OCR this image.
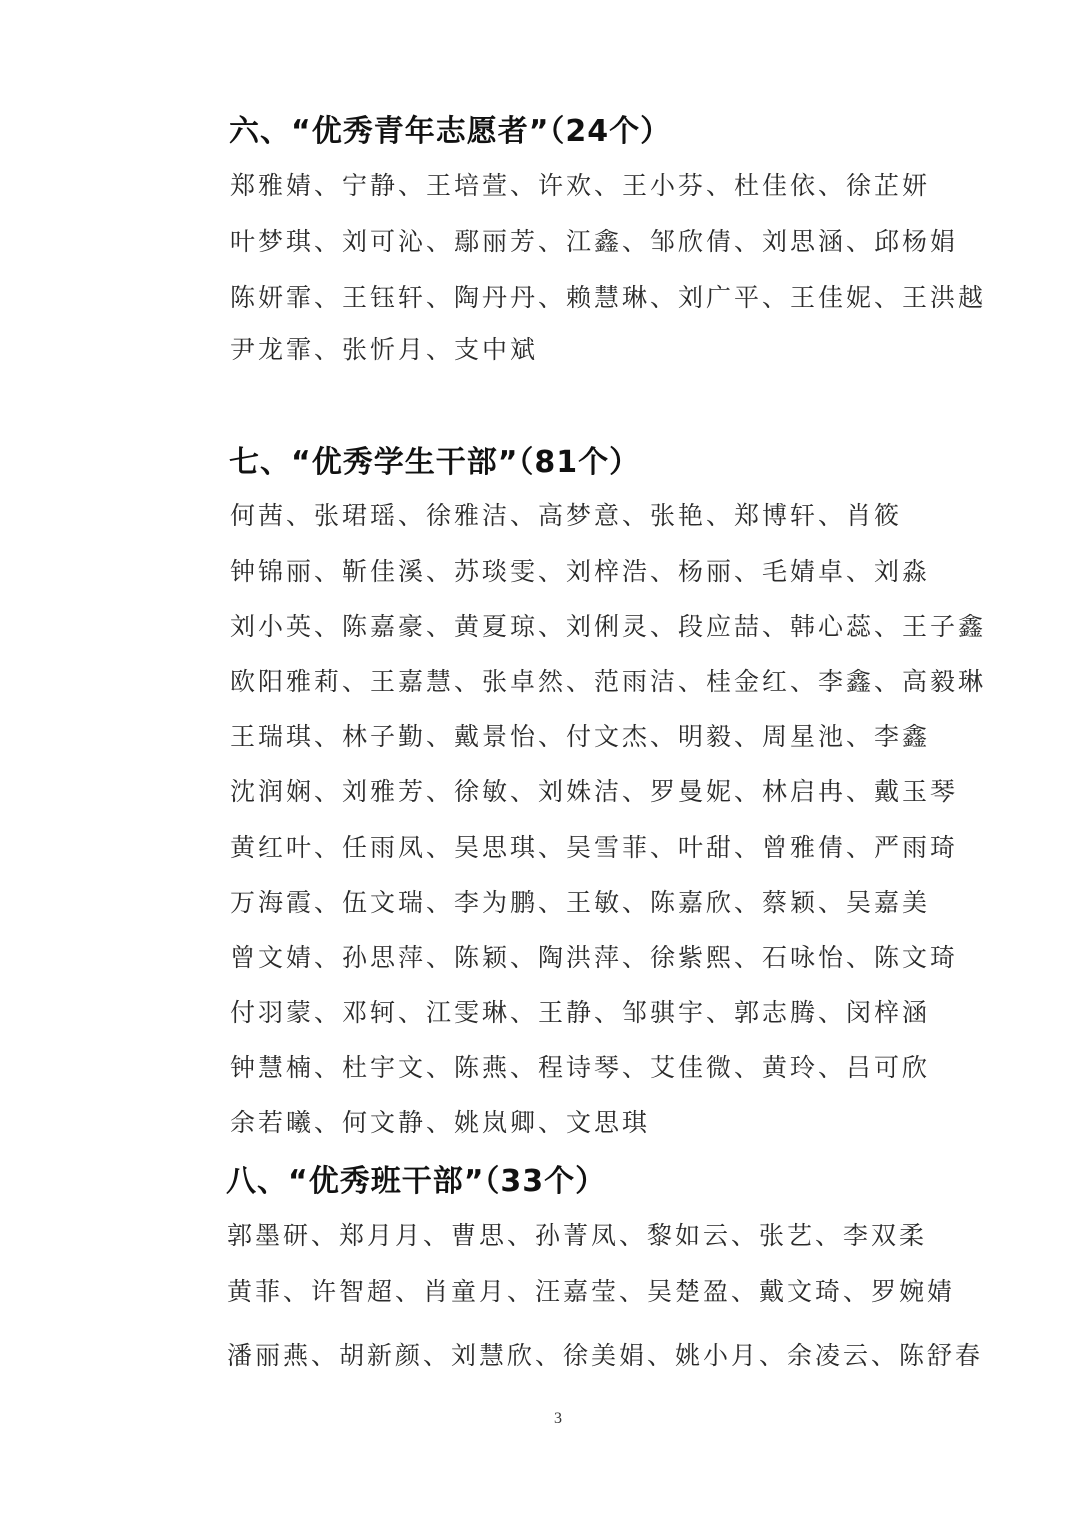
六、“优秀青年志愿者”（24个）
郑雅婧、宁静、王培萱、许欢、王小芬、杜佳依、徐芷妍
叶梦琪、刘可沁、鄢丽芳、江鑫、邹欣倩、刘思涵、邱杨娟
陈妍霏、王钰轩、陶丹丹、赖慧琳、刘广平、王佳妮、王洪越
尹龙霏、张忻月、支中斌
七、“优秀学生干部”（81个）
何茜、张珺瑶、徐雅洁、高梦意、张艳、郑博轩、肖筱
钟锦丽、靳佳溪、苏琰雯、刘梓浩、杨丽、毛婧卓、刘淼
刘小英、陈嘉豪、黄夏琼、刘俐灵、段应喆、韩心蕊、王子鑫
欧阳雅莉、王嘉慧、张卓然、范雨洁、桂金红、李鑫、高毅琳
王瑞琪、林子勤、戴景怡、付文杰、明毅、周星池、李鑫
沈润娴、刘雅芳、徐敏、刘姝洁、罗曼妮、林启冉、戴玉琴
黄红叶、任雨凤、吴思琪、吴雪菲、叶甜、曾雅倩、严雨琦
万海霞、伍文瑞、李为鹏、王敏、陈嘉欣、蔡颖、吴嘉美
曾文婧、孙思萍、陈颖、陶洪萍、徐紫熙、石咏怡、陈文琦
付羽蒙、邓轲、江雯琳、王静、邹骐宇、郭志腾、闵梓涵
钟慧楠、杜宇文、陈燕、程诗琴、艾佳微、黄玲、吕可欣
余若曦、何文静、姚岚卿、文思琪
八、“优秀班干部”（33个）
郭墨研、郑月月、曹思、孙菁凤、黎如云、张艺、李双柔
黄菲、许智超、肖童月、汪嘉莹、吴楚盈、戴文琦、罗婉婧
潘丽燕、胡新颜、刘慧欣、徐美娟、姚小月、余凌云、陈舒春
3
